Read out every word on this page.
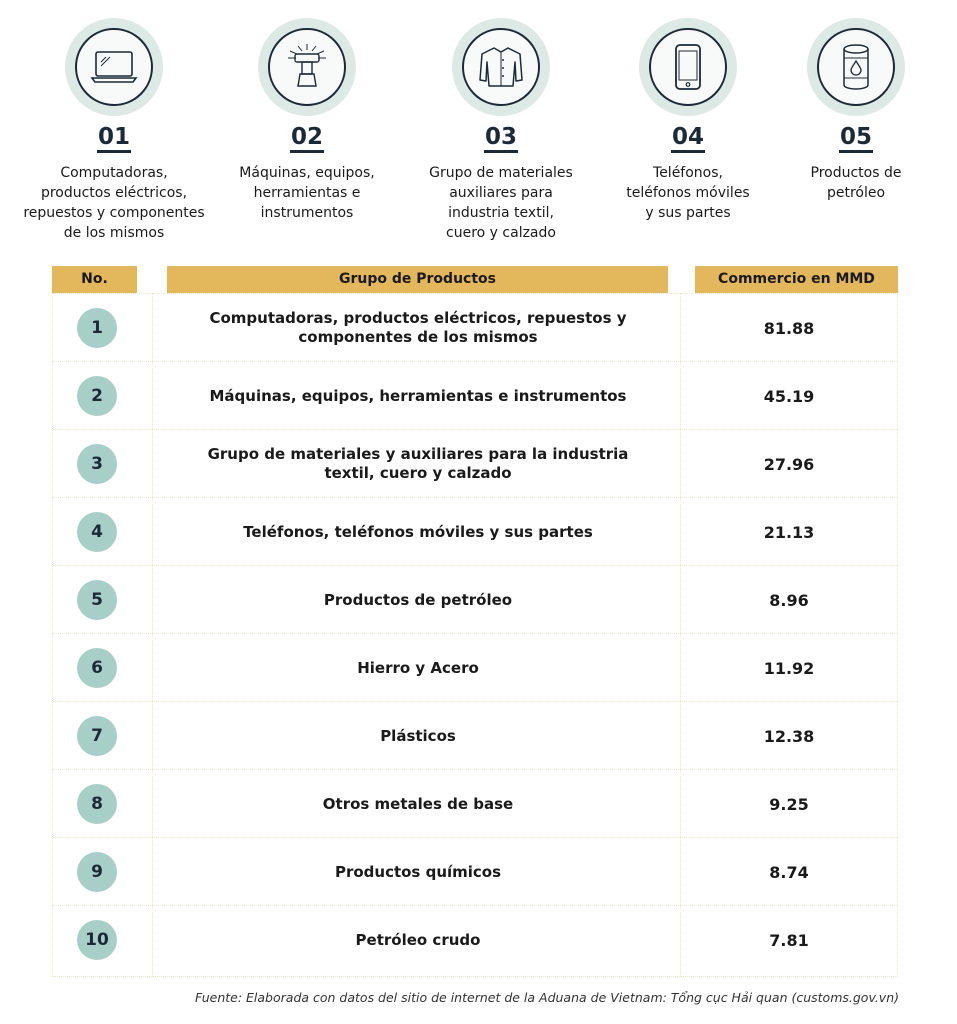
01
Computadoras,
productos eléctricos,
repuestos y componentes
de los mismos
02
Máquinas, equipos,
herramientas e
instrumentos
03
Grupo de materiales
auxiliares para
industria textil,
cuero y calzado
04
Teléfonos,
teléfonos móviles
y sus partes
05
Productos de
petróleo
No.	Grupo de Productos	Commercio en MMD
1	Computadoras, productos eléctricos, repuestos y
componentes de los mismos	81.88
2	Máquinas, equipos, herramientas e instrumentos	45.19
3	Grupo de materiales y auxiliares para la industria
textil, cuero y calzado	27.96
4	Teléfonos, teléfonos móviles y sus partes	21.13
5	Productos de petróleo	8.96
6	Hierro y Acero	11.92
7	Plásticos	12.38
8	Otros metales de base	9.25
9	Productos químicos	8.74
10	Petróleo crudo	7.81
Fuente: Elaborada con datos del sitio de internet de la Aduana de Vietnam: Tổng cục Hải quan (customs.gov.vn)
